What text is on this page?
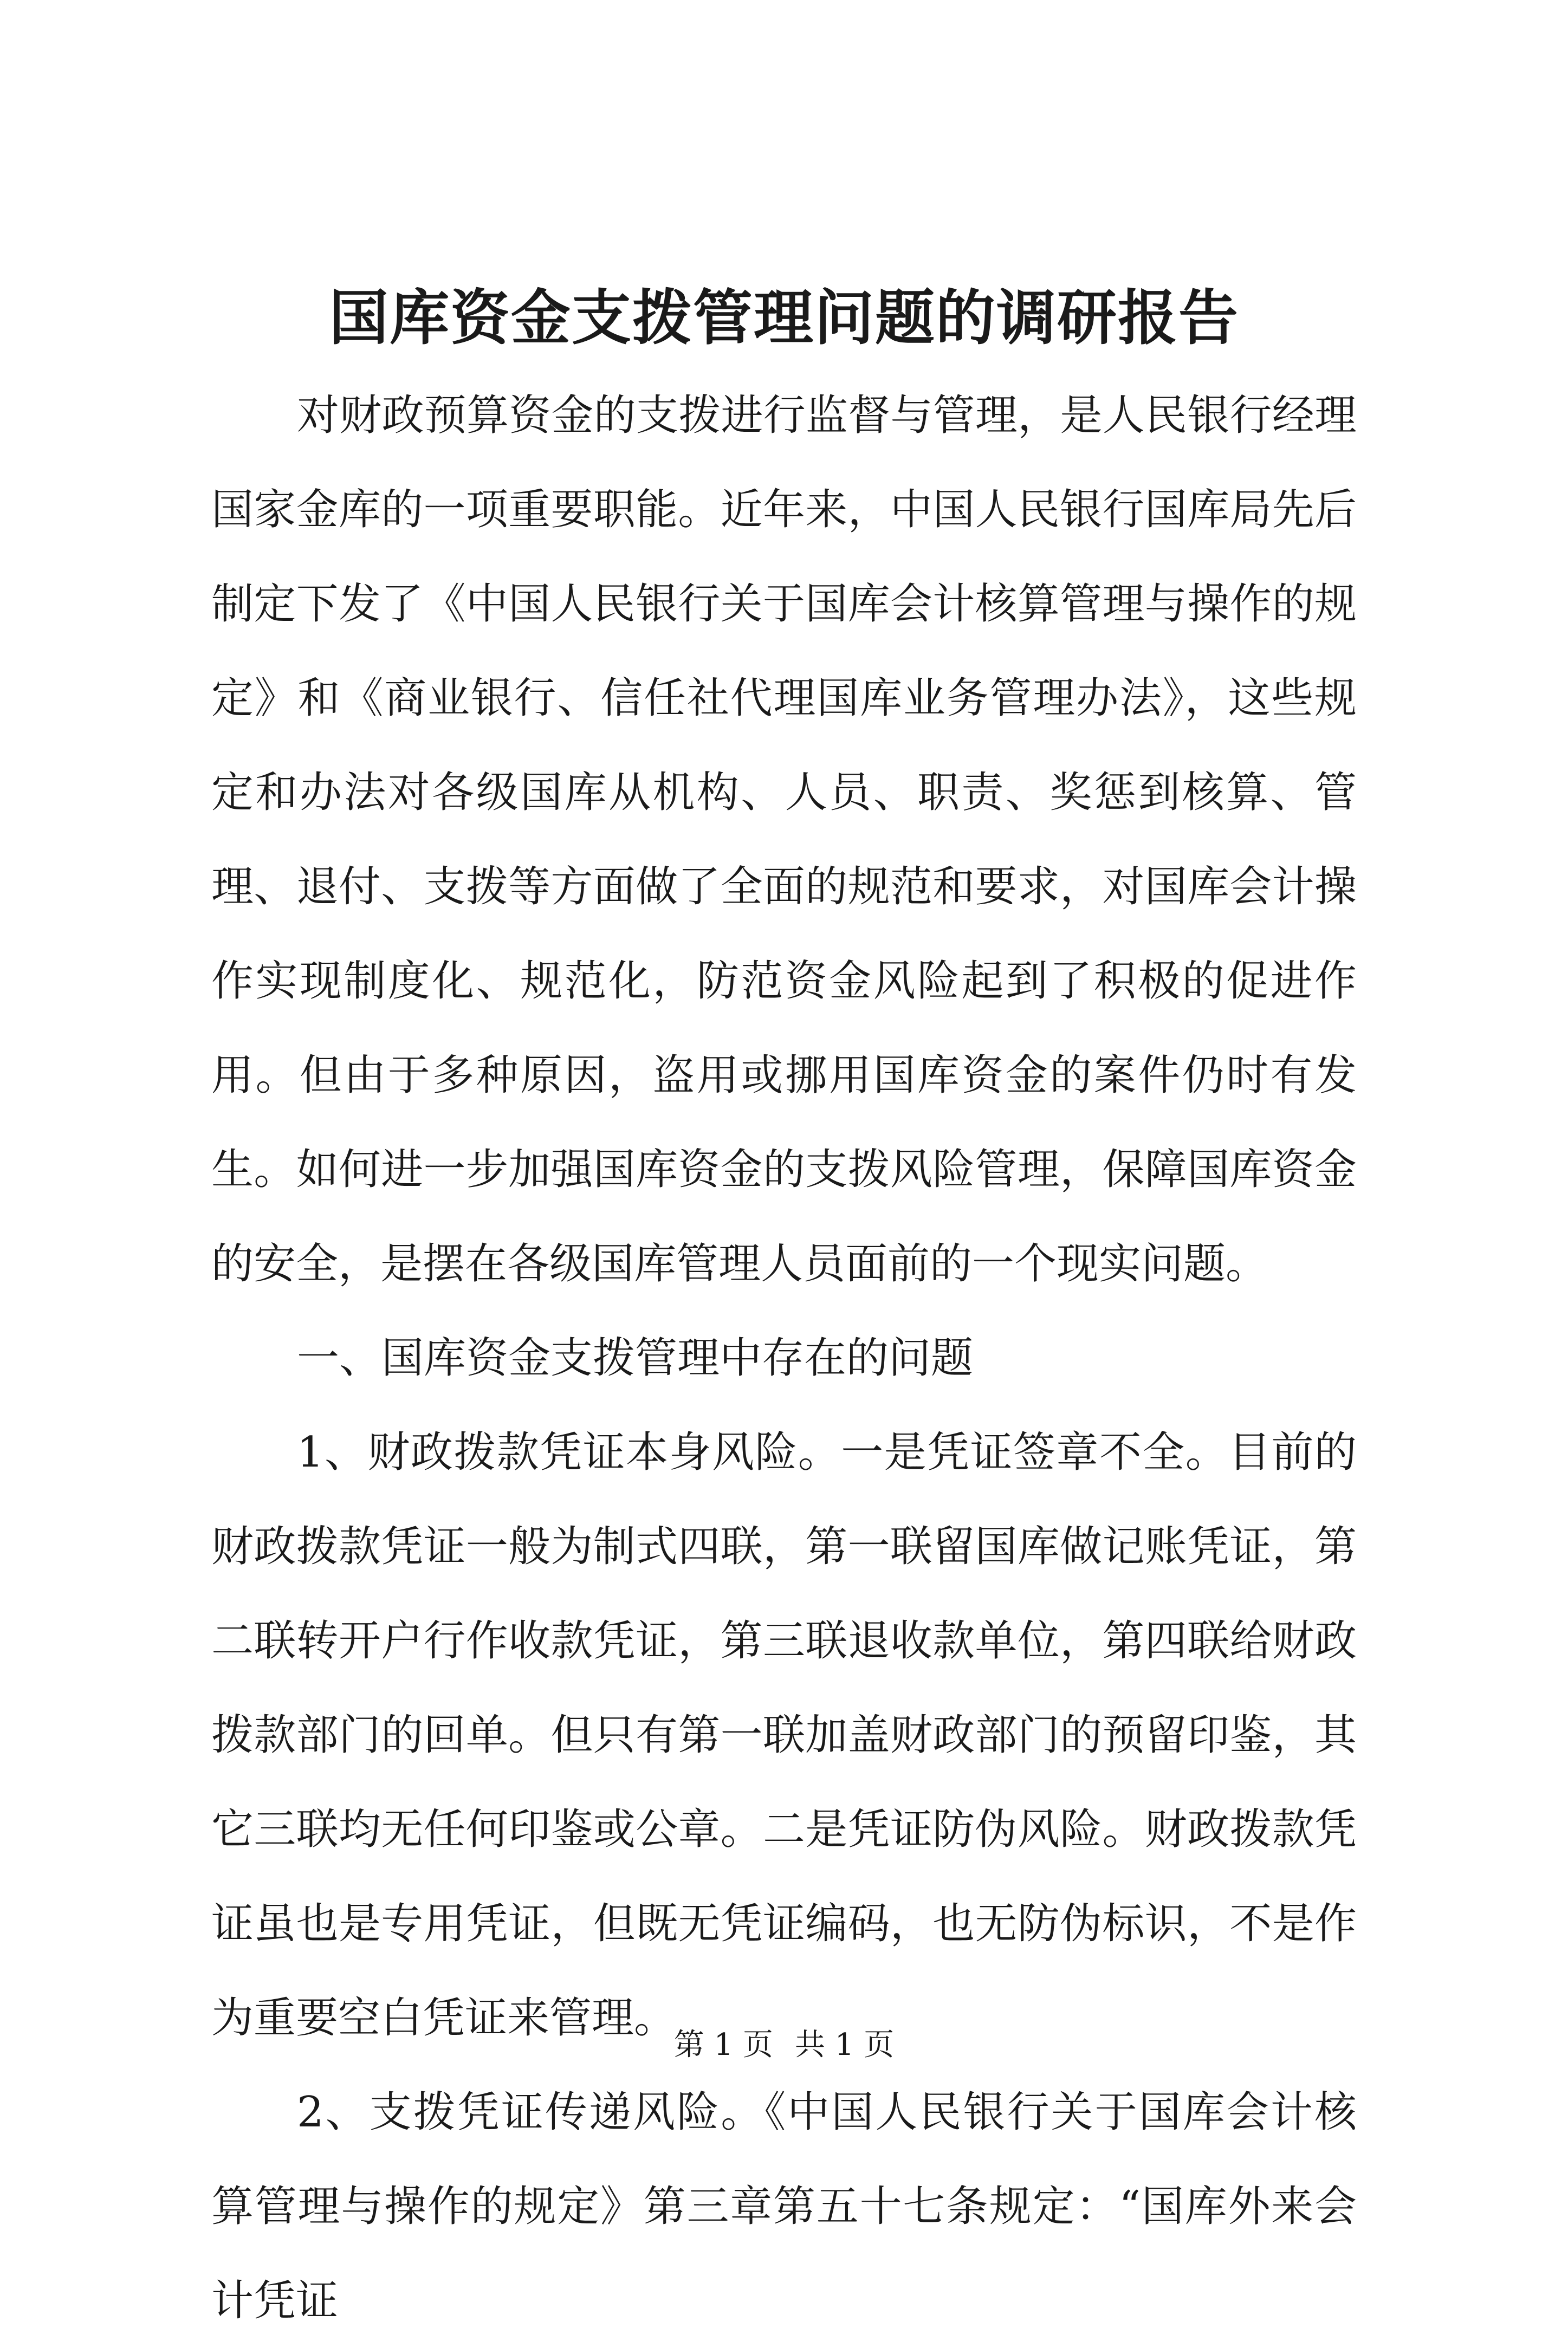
国库资金支拨管理问题的调研报告

对财政预算资金的支拨进行监督与管理，是人民银行经理国家金库的一项重要职能。近年来，中国人民银行国库局先后制定下发了《中国人民银行关于国库会计核算管理与操作的规定》和《商业银行、信任社代理国库业务管理办法》，这些规定和办法对各级国库从机构、人员、职责、奖惩到核算、管理、退付、支拨等方面做了全面的规范和要求，对国库会计操作实现制度化、规范化，防范资金风险起到了积极的促进作用。但由于多种原因，盗用或挪用国库资金的案件仍时有发生。如何进一步加强国库资金的支拨风险管理，保障国库资金的安全，是摆在各级国库管理人员面前的一个现实问题。

一、国库资金支拨管理中存在的问题

1、财政拨款凭证本身风险。一是凭证签章不全。目前的财政拨款凭证一般为制式四联，第一联留国库做记账凭证，第二联转开户行作收款凭证，第三联退收款单位，第四联给财政拨款部门的回单。但只有第一联加盖财政部门的预留印鉴，其它三联均无任何印鉴或公章。二是凭证防伪风险。财政拨款凭证虽也是专用凭证，但既无凭证编码，也无防伪标识，不是作为重要空白凭证来管理。

2、支拨凭证传递风险。《中国人民银行关于国库会计核算管理与操作的规定》第三章第五十七条规定：“国库外来会计凭证

第 1 页 共 1 页
